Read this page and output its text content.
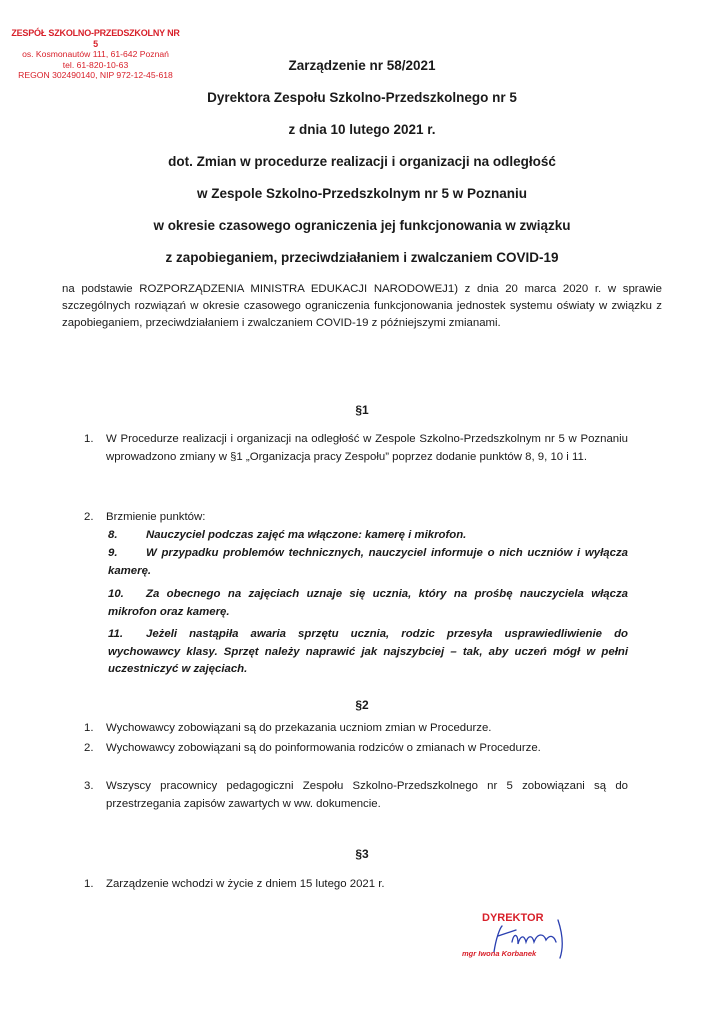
ZESPÓŁ SZKOLNO-PRZEDSZKOLNY NR 5
os. Kosmonautów 111, 61-642 Poznań
tel. 61-820-10-63
REGON 302490140, NIP 972-12-45-618
Zarządzenie nr 58/2021
Dyrektora Zespołu Szkolno-Przedszkolnego nr 5
z dnia 10 lutego 2021 r.
dot. Zmian w procedurze realizacji i organizacji na odległość
w Zespole Szkolno-Przedszkolnym nr 5 w Poznaniu
w okresie czasowego ograniczenia jej funkcjonowania w związku
z zapobieganiem, przeciwdziałaniem i zwalczaniem COVID-19
na podstawie ROZPORZĄDZENIA MINISTRA EDUKACJI NARODOWEJ1) z dnia 20 marca 2020 r. w sprawie szczególnych rozwiązań w okresie czasowego ograniczenia funkcjonowania jednostek systemu oświaty w związku z zapobieganiem, przeciwdziałaniem i zwalczaniem COVID-19 z późniejszymi zmianami.
§1
1. W Procedurze realizacji i organizacji na odległość w Zespole Szkolno-Przedszkolnym nr 5 w Poznaniu wprowadzono zmiany w §1 „Organizacja pracy Zespołu” poprzez dodanie punktów 8, 9, 10 i 11.
2. Brzmienie punktów:
8.	Nauczyciel podczas zajęć ma włączone: kamerę i mikrofon.
9.	W przypadku problemów technicznych, nauczyciel informuje o nich uczniów i wyłącza kamerę.
10. Za obecnego na zajęciach uznaje się ucznia, który na prośbę nauczyciela włącza mikrofon oraz kamerę.
11. Jeżeli nastąpiła awaria sprzętu ucznia, rodzic przesyła usprawiedliwienie do wychowawcy klasy. Sprzęt należy naprawić jak najszybciej – tak, aby uczeń mógł w pełni uczestniczyć w zajęciach.
§2
1. Wychowawcy zobowiązani są do przekazania uczniom zmian w Procedurze.
2. Wychowawcy zobowiązani są do poinformowania rodziców o zmianach w Procedurze.
3. Wszyscy pracownicy pedagogiczni Zespołu Szkolno-Przedszkolnego nr 5 zobowiązani są do przestrzegania zapisów zawartych w ww. dokumencie.
§3
1. Zarządzenie wchodzi w życie z dniem 15 lutego 2021 r.
DYREKTOR
mgr Iwona Korbanek
